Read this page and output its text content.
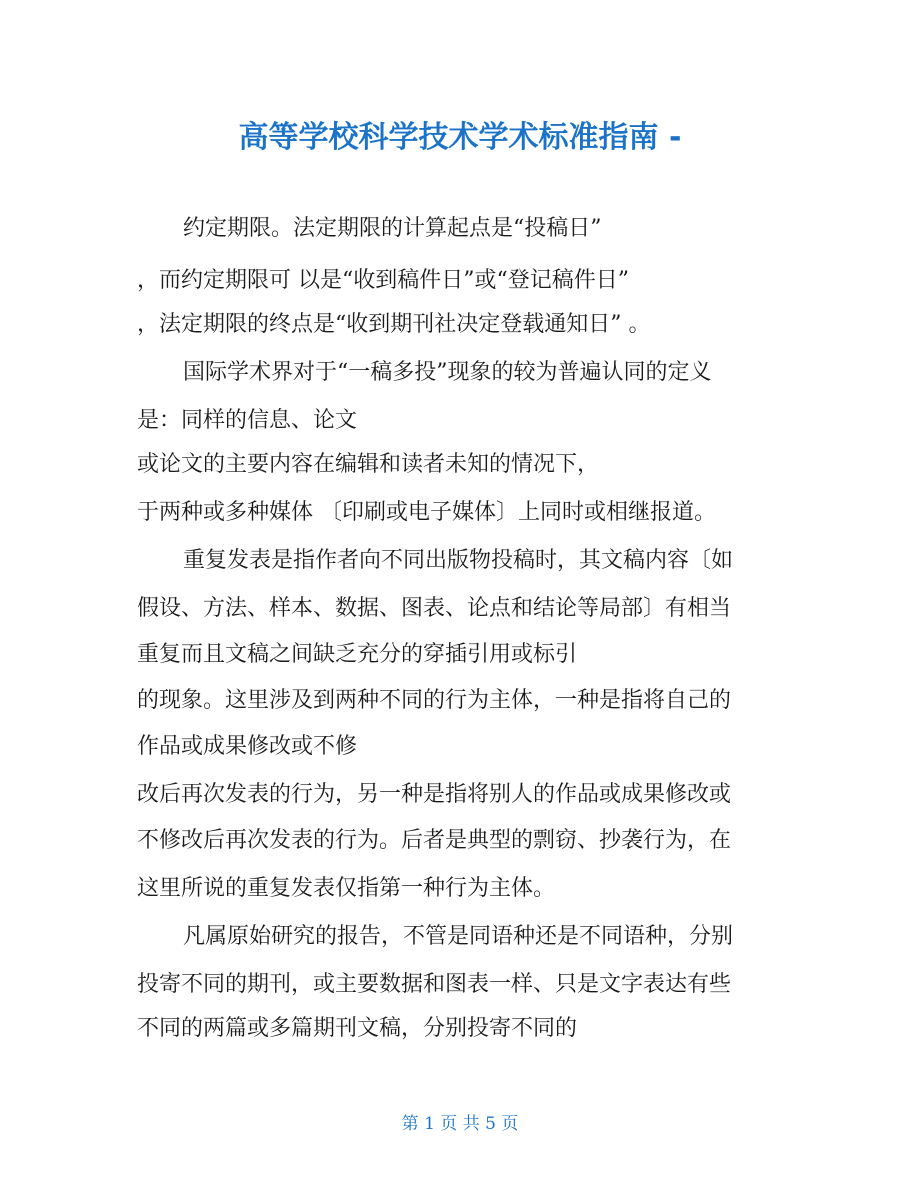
高等学校科学技术学术标准指南 -
约定期限。法定期限的计算起点是“投稿日”
，而约定期限可 以是“收到稿件日”或“登记稿件日”
，法定期限的终点是“收到期刊社决定登载通知日” 。
国际学术界对于“一稿多投”现象的较为普遍认同的定义
是：同样的信息、论文
或论文的主要内容在编辑和读者未知的情况下，
于两种或多种媒体 〔印刷或电子媒体〕上同时或相继报道。
重复发表是指作者向不同出版物投稿时，其文稿内容〔如
假设、方法、样本、数据、图表、论点和结论等局部〕有相当
重复而且文稿之间缺乏充分的穿插引用或标引
的现象。这里涉及到两种不同的行为主体，一种是指将自己的
作品或成果修改或不修
改后再次发表的行为，另一种是指将别人的作品或成果修改或
不修改后再次发表的行为。后者是典型的剽窃、抄袭行为，在
这里所说的重复发表仅指第一种行为主体。
凡属原始研究的报告，不管是同语种还是不同语种，分别
投寄不同的期刊，或主要数据和图表一样、只是文字表达有些
不同的两篇或多篇期刊文稿，分别投寄不同的
第 1 页 共 5 页
